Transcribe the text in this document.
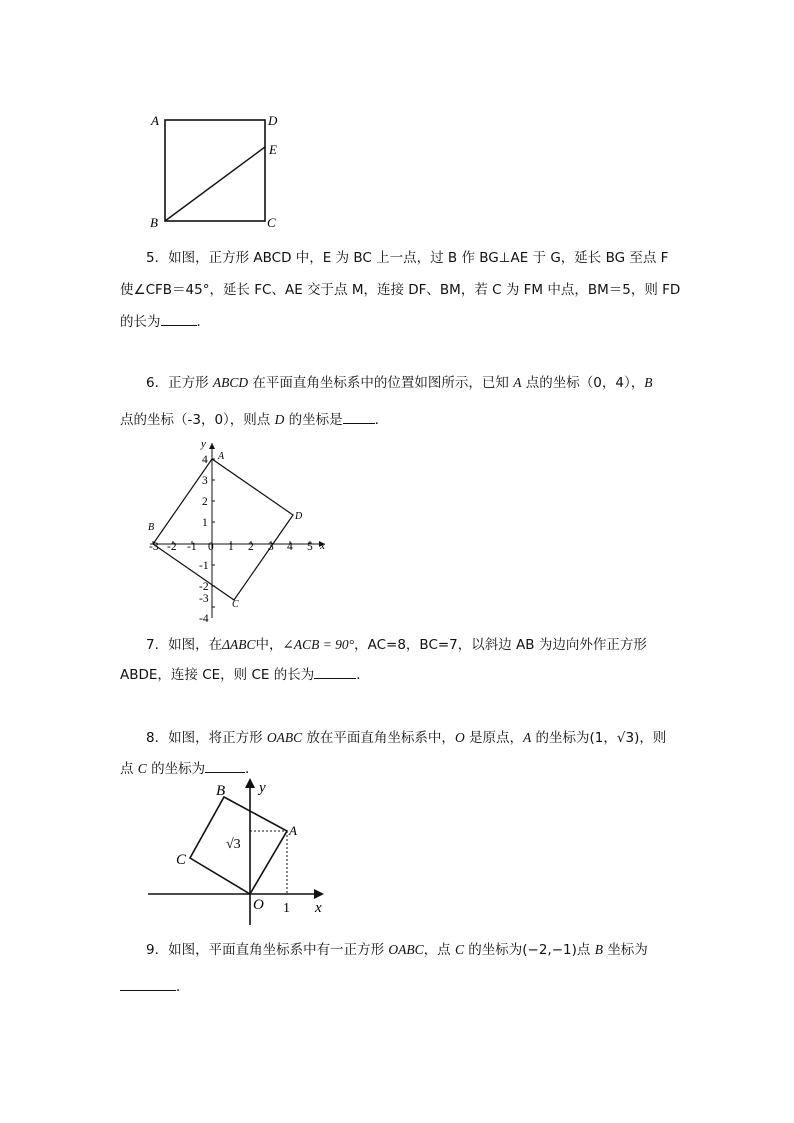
A	D
E
B	C
5．如图，正方形 ABCD 中，E 为 BC 上一点，过 B 作 BG⊥AE 于 G，延长 BG 至点 F
使∠CFB＝45°，延长 FC、AE 交于点 M，连接 DF、BM，若 C 为 FM 中点，BM＝5，则 FD
的长为	．
6．正方形 ABCD 在平面直角坐标系中的位置如图所示，已知 A 点的坐标（0，4），B
点的坐标（-3，0），则点 D 的坐标是 ．
-3 -2 -1 0 1 2 3 4 5
4
3
2
1
-1
-2
-3
-4
y
x
A
B
C
D
7．如图，在ΔABC中，∠ACB = 90°，AC=8，BC=7，以斜边 AB 为边向外作正方形
ABDE，连接 CE，则 CE 的长为	．
8．如图，将正方形 OABC 放在平面直角坐标系中，O 是原点，A 的坐标为(1，√3)，则
点 C 的坐标为	．
B
A
C
O
y
x
√3
1
9．如图，平面直角坐标系中有一正方形 OABC，点 C 的坐标为(−2,−1)点 B 坐标为
．
